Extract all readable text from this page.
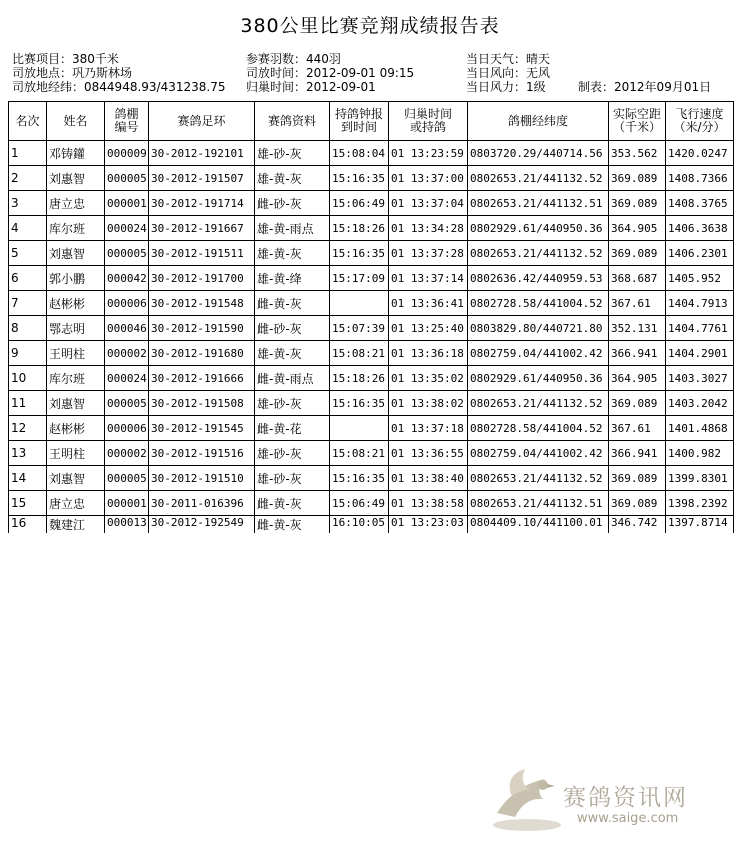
380公里比赛竞翔成绩报告表
比赛项目：380千米
司放地点：巩乃斯林场
司放地经纬：0844948.93/431238.75
参赛羽数：440羽
司放时间：2012-09-01 09:15
归巢时间：2012-09-01
当日天气：晴天
当日风向：无风
当日风力：1级	制表：2012年09月01日
名次	姓名	鸽棚编号	赛鸽足环	赛鸽资料	持鸽钟报到时间	归巢时间或持鸽	鸽棚经纬度	实际空距（千米）	飞行速度（米/分）
1	邓铸鑵	000009	30-2012-192101	雄-砂-灰	15:08:04	01 13:23:59	0803720.29/440714.56	353.562	1420.0247
2	刘惠智	000005	30-2012-191507	雄-黄-灰	15:16:35	01 13:37:00	0802653.21/441132.52	369.089	1408.7366
3	唐立忠	000001	30-2012-191714	雌-砂-灰	15:06:49	01 13:37:04	0802653.21/441132.51	369.089	1408.3765
4	库尔班	000024	30-2012-191667	雄-黄-雨点	15:18:26	01 13:34:28	0802929.61/440950.36	364.905	1406.3638
5	刘惠智	000005	30-2012-191511	雄-黄-灰	15:16:35	01 13:37:28	0802653.21/441132.52	369.089	1406.2301
6	郭小鹏	000042	30-2012-191700	雄-黄-绛	15:17:09	01 13:37:14	0802636.42/440959.53	368.687	1405.952
7	赵彬彬	000006	30-2012-191548	雌-黄-灰		01 13:36:41	0802728.58/441004.52	367.61	1404.7913
8	鄂志明	000046	30-2012-191590	雌-砂-灰	15:07:39	01 13:25:40	0803829.80/440721.80	352.131	1404.7761
9	王明柱	000002	30-2012-191680	雄-黄-灰	15:08:21	01 13:36:18	0802759.04/441002.42	366.941	1404.2901
10	库尔班	000024	30-2012-191666	雌-黄-雨点	15:18:26	01 13:35:02	0802929.61/440950.36	364.905	1403.3027
11	刘惠智	000005	30-2012-191508	雄-砂-灰	15:16:35	01 13:38:02	0802653.21/441132.52	369.089	1403.2042
12	赵彬彬	000006	30-2012-191545	雌-黄-花		01 13:37:18	0802728.58/441004.52	367.61	1401.4868
13	王明柱	000002	30-2012-191516	雄-砂-灰	15:08:21	01 13:36:55	0802759.04/441002.42	366.941	1400.982
14	刘惠智	000005	30-2012-191510	雄-砂-灰	15:16:35	01 13:38:40	0802653.21/441132.52	369.089	1399.8301
15	唐立忠	000001	30-2011-016396	雌-黄-灰	15:06:49	01 13:38:58	0802653.21/441132.51	369.089	1398.2392
16	魏建江	000013	30-2012-192549	雌-黄-灰	16:10:05	01 13:23:03	0804409.10/441100.01	346.742	1397.8714
赛鸽资讯网
www.saige.com
